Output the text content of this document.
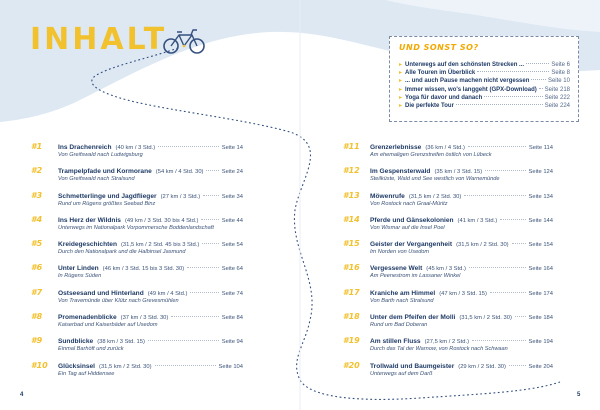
INHALT	UND SONST SO?
▸ Unterwegs auf den schönsten Strecken ...	Seite 6
▸ Alle Touren im Überblick	Seite 8
▸ ... und auch Pause machen nicht vergessen	Seite 10
▸ Immer wissen, wo's langgeht (GPX-Download) Seite 218
▸ Yoga für davor und danach	Seite 222
▸ Die perfekte Tour	Seite 224
#1	Ins Drachenreich (40 km / 3 Std.)	Seite 14
Von Greifswald nach Ludwigsburg
#2	Trampelpfade und Kormorane (54 km / 4 Std. 30)	Seite 24
Von Greifswald nach Stralsund
#3	Schmetterlinge und Jagdflieger (27 km / 3 Std.)	Seite 34
Rund um Rügens größtes Seebad Binz
#4	Ins Herz der Wildnis (49 km / 3 Std. 30 bis 4 Std.)	Seite 44
Unterwegs im Nationalpark Vorpommersche Boddenlandschaft
#5	Kreidegeschichten (31,5 km / 2 Std. 45 bis 3 Std.)	Seite 54
Durch den Nationalpark und die Halbinsel Jasmund
#6	Unter Linden (46 km / 3 Std. 15 bis 3 Std. 30)	Seite 64
In Rügens Süden
#7	Ostseesand und Hinterland (49 km / 4 Std.)	Seite 74
Von Travemünde über Klütz nach Grevesmühlen
#8	Promenadenblicke (37 km / 3 Std. 30)	Seite 84
Kaiserbad und Kaiserbäder auf Usedom
#9	Sundblicke (38 km / 3 Std. 15)	Seite 94
Einmal Barhöft und zurück
#10	Glücksinsel (31,5 km / 2 Std. 30)	Seite 104
Ein Tag auf Hiddensee
#11	Grenzerlebnisse (36 km / 4 Std.)	Seite 114
Am ehemaligen Grenzstreifen östlich von Lübeck
#12	Im Gespensterwald (35 km / 3 Std. 15)	Seite 124
Steilküste, Wald und See westlich von Warnemünde
#13	Möwenrufe (31,5 km / 2 Std. 30)	Seite 134
Von Rostock nach Graal-Müritz
#14	Pferde und Gänsekolonien (41 km / 3 Std.)	Seite 144
Von Wismar auf die Insel Poel
#15	Geister der Vergangenheit (31,5 km / 2 Std. 30)	Seite 154
Im Norden von Usedom
#16	Vergessene Welt (45 km / 3 Std.)	Seite 164
Am Peenestrom im Lassaner Winkel
#17	Kraniche am Himmel (47 km / 3 Std. 15)	Seite 174
Von Barth nach Stralsund
#18	Unter dem Pfeifen der Molli (31,5 km / 2 Std. 30)	Seite 184
Rund um Bad Doberan
#19	Am stillen Fluss (27,5 km / 2 Std.)	Seite 194
Durch das Tal der Warnow, von Rostock nach Schwaan
#20	Trollwald und Baumgeister (29 km / 2 Std. 30)	Seite 204
Unterwegs auf dem Darß
4	5
